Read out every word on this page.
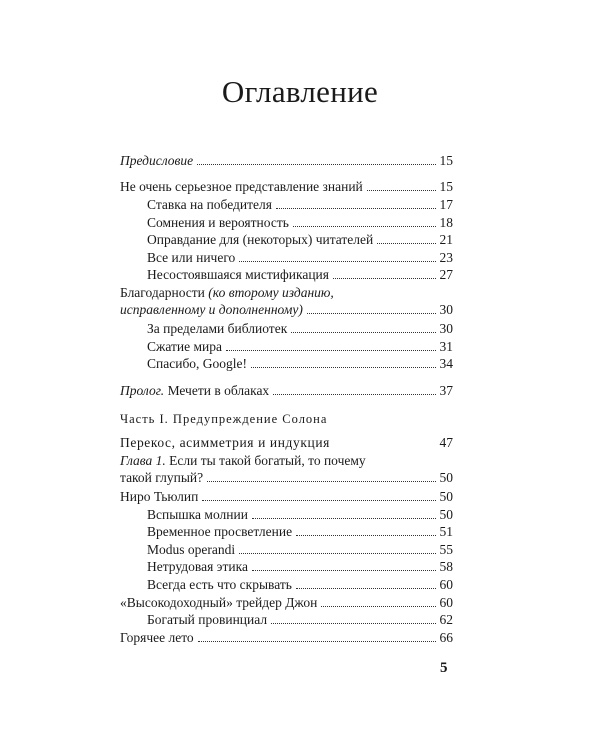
Оглавление
Предисловие	15
Не очень серьезное представление знаний	15
Ставка на победителя	17
Сомнения и вероятность	18
Оправдание для (некоторых) читателей	21
Все или ничего	23
Несостоявшаяся мистификация	27
Благодарности (ко второму изданию,
исправленному и дополненному)	30
За пределами библиотек	30
Сжатие мира	31
Спасибо, Google!	34
Пролог. Мечети в облаках	37
Часть I. Предупреждение Солона
Перекос, асимметрия и индукция	47
Глава 1. Если ты такой богатый, то почему
такой глупый?	50
Ниро Тьюлип	50
Вспышка молнии	50
Временное просветление	51
Modus operandi	55
Нетрудовая этика	58
Всегда есть что скрывать	60
«Высокодоходный» трейдер Джон	60
Богатый провинциал	62
Горячее лето	66
5
